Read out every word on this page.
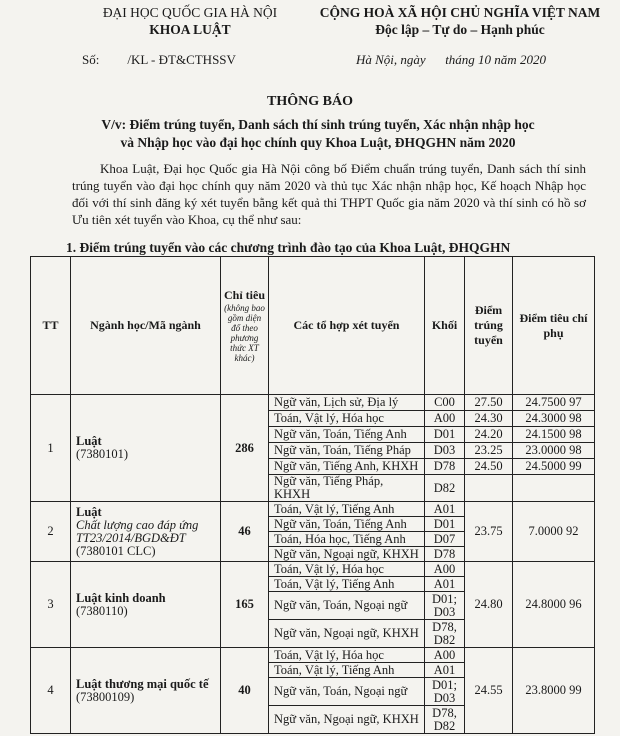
ĐẠI HỌC QUỐC GIA HÀ NỘI
KHOA LUẬT
CỘNG HOÀ XÃ HỘI CHỦ NGHĨA VIỆT NAM
Độc lập – Tự do – Hạnh phúc
Số: /KL - ĐT&CTHSSV	Hà Nội, ngày      tháng 10 năm 2020
THÔNG BÁO
V/v: Điểm trúng tuyển, Danh sách thí sinh trúng tuyển, Xác nhận nhập học
và Nhập học vào đại học chính quy Khoa Luật, ĐHQGHN năm 2020
Khoa Luật, Đại học Quốc gia Hà Nội công bố Điểm chuẩn trúng tuyển, Danh sách thí sinh trúng tuyển vào đại học chính quy năm 2020 và thủ tục Xác nhận nhập học, Kế hoạch Nhập học đối với thí sinh đăng ký xét tuyển bằng kết quả thi THPT Quốc gia năm 2020 và thí sinh có hồ sơ Ưu tiên xét tuyển vào Khoa, cụ thể như sau:
1. Điểm trúng tuyển vào các chương trình đào tạo của Khoa Luật, ĐHQGHN
TT	Ngành học/Mã ngành	Chỉ tiêu
(không bao gồm diện đổ theo phương thức XT khác)	Các tổ hợp xét tuyển	Khối	Điểm trúng tuyển	Điểm tiêu chí phụ
1	Luật
(7380101)	286	Ngữ văn, Lịch sử, Địa lý	C00	27.50	24.7500 97
			Toán, Vật lý, Hóa học	A00	24.30	24.3000 98
			Ngữ văn, Toán, Tiếng Anh	D01	24.20	24.1500 98
			Ngữ văn, Toán, Tiếng Pháp	D03	23.25	23.0000 98
			Ngữ văn, Tiếng Anh, KHXH	D78	24.50	24.5000 99
			Ngữ văn, Tiếng Pháp, KHXH	D82		
2	Luật
Chất lượng cao đáp ứng TT23/2014/BGD&ĐT
(7380101 CLC)	46	Toán, Vật lý, Tiếng Anh	A01	23.75	7.0000 92
			Ngữ văn, Toán, Tiếng Anh	D01		
			Toán, Hóa học, Tiếng Anh	D07		
			Ngữ văn, Ngoại ngữ, KHXH	D78		
3	Luật kinh doanh
(7380110)	165	Toán, Vật lý, Hóa học	A00	24.80	24.8000 96
			Toán, Vật lý, Tiếng Anh	A01		
			Ngữ văn, Toán, Ngoại ngữ	D01; D03		
			Ngữ văn, Ngoại ngữ, KHXH	D78, D82		
4	Luật thương mại quốc tế
(73800109)	40	Toán, Vật lý, Hóa học	A00	24.55	23.8000 99
			Toán, Vật lý, Tiếng Anh	A01		
			Ngữ văn, Toán, Ngoại ngữ	D01; D03		
			Ngữ văn, Ngoại ngữ, KHXH	D78, D82		
